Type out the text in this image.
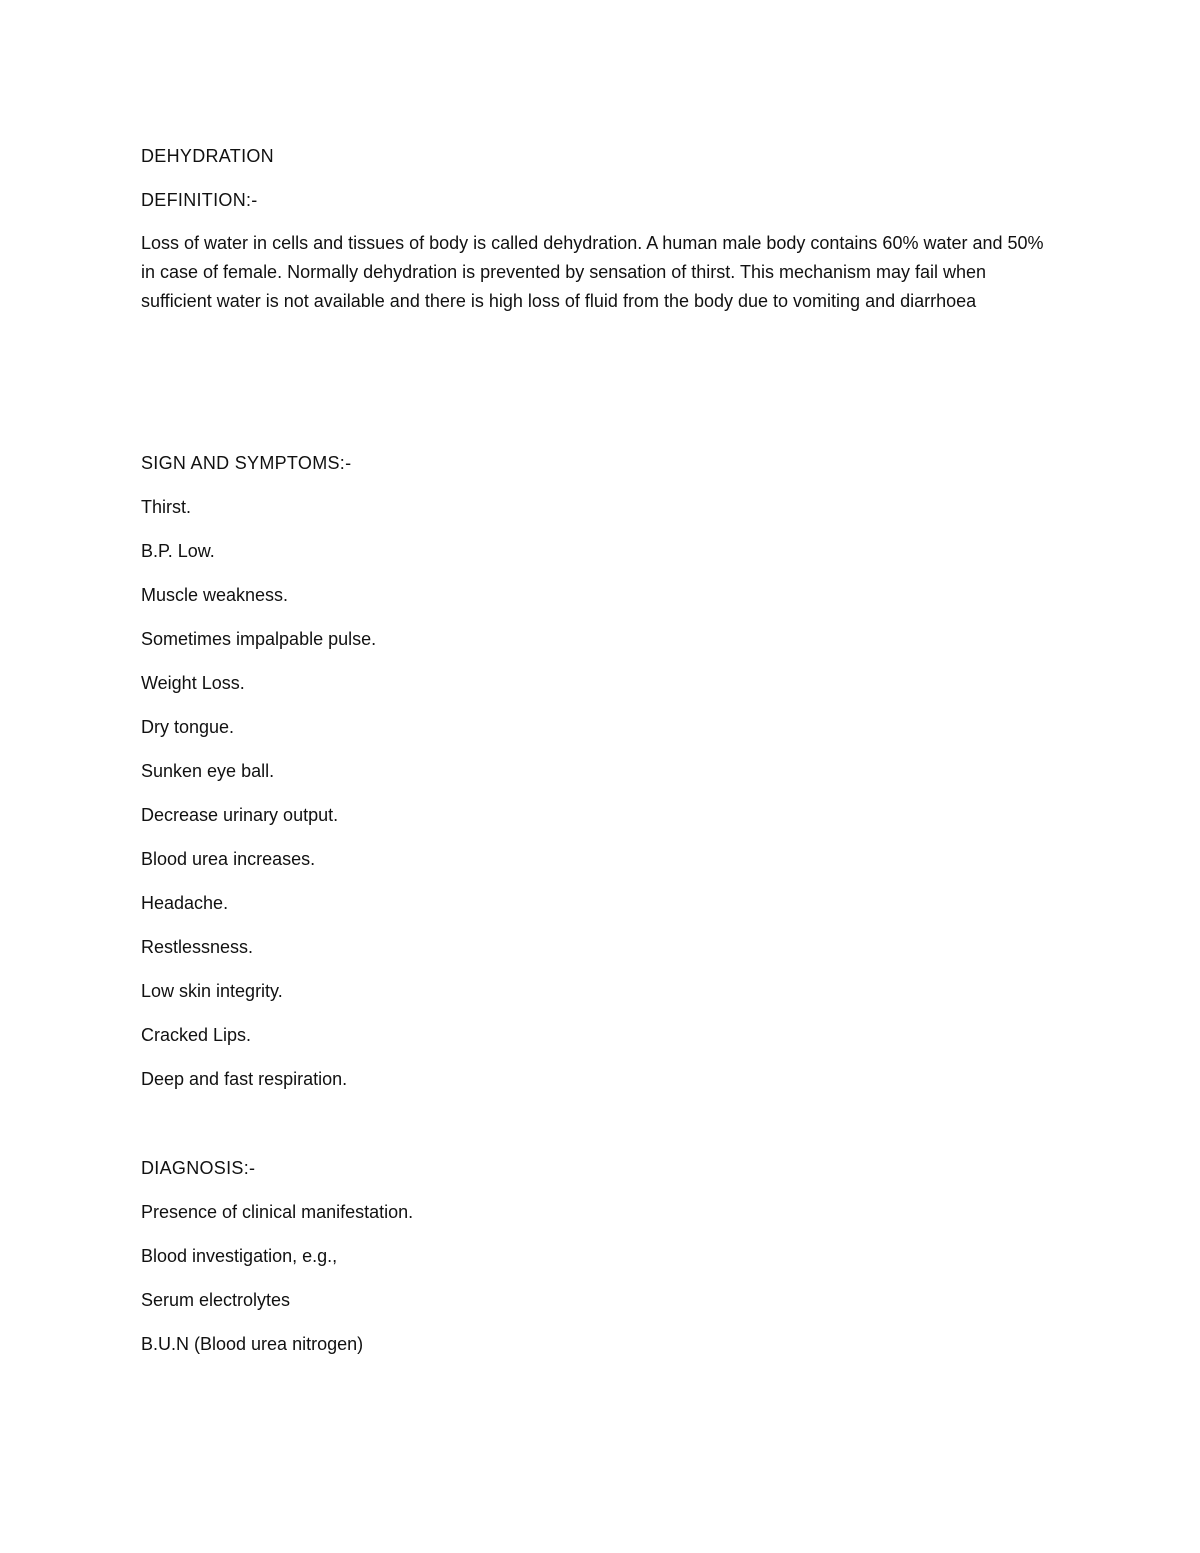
DEHYDRATION
DEFINITION:-
Loss of water in cells and tissues of body is called dehydration. A human male body contains 60% water and 50% in case of female. Normally dehydration is prevented by sensation of thirst. This mechanism may fail when sufficient water is not available and there is high loss of fluid from the body due to vomiting and diarrhoea
SIGN AND SYMPTOMS:-
Thirst.
B.P. Low.
Muscle weakness.
Sometimes impalpable pulse.
Weight Loss.
Dry tongue.
Sunken eye ball.
Decrease urinary output.
Blood urea increases.
Headache.
Restlessness.
Low skin integrity.
Cracked Lips.
Deep and fast respiration.
DIAGNOSIS:-
Presence of clinical manifestation.
Blood investigation, e.g.,
Serum electrolytes
B.U.N (Blood urea nitrogen)
